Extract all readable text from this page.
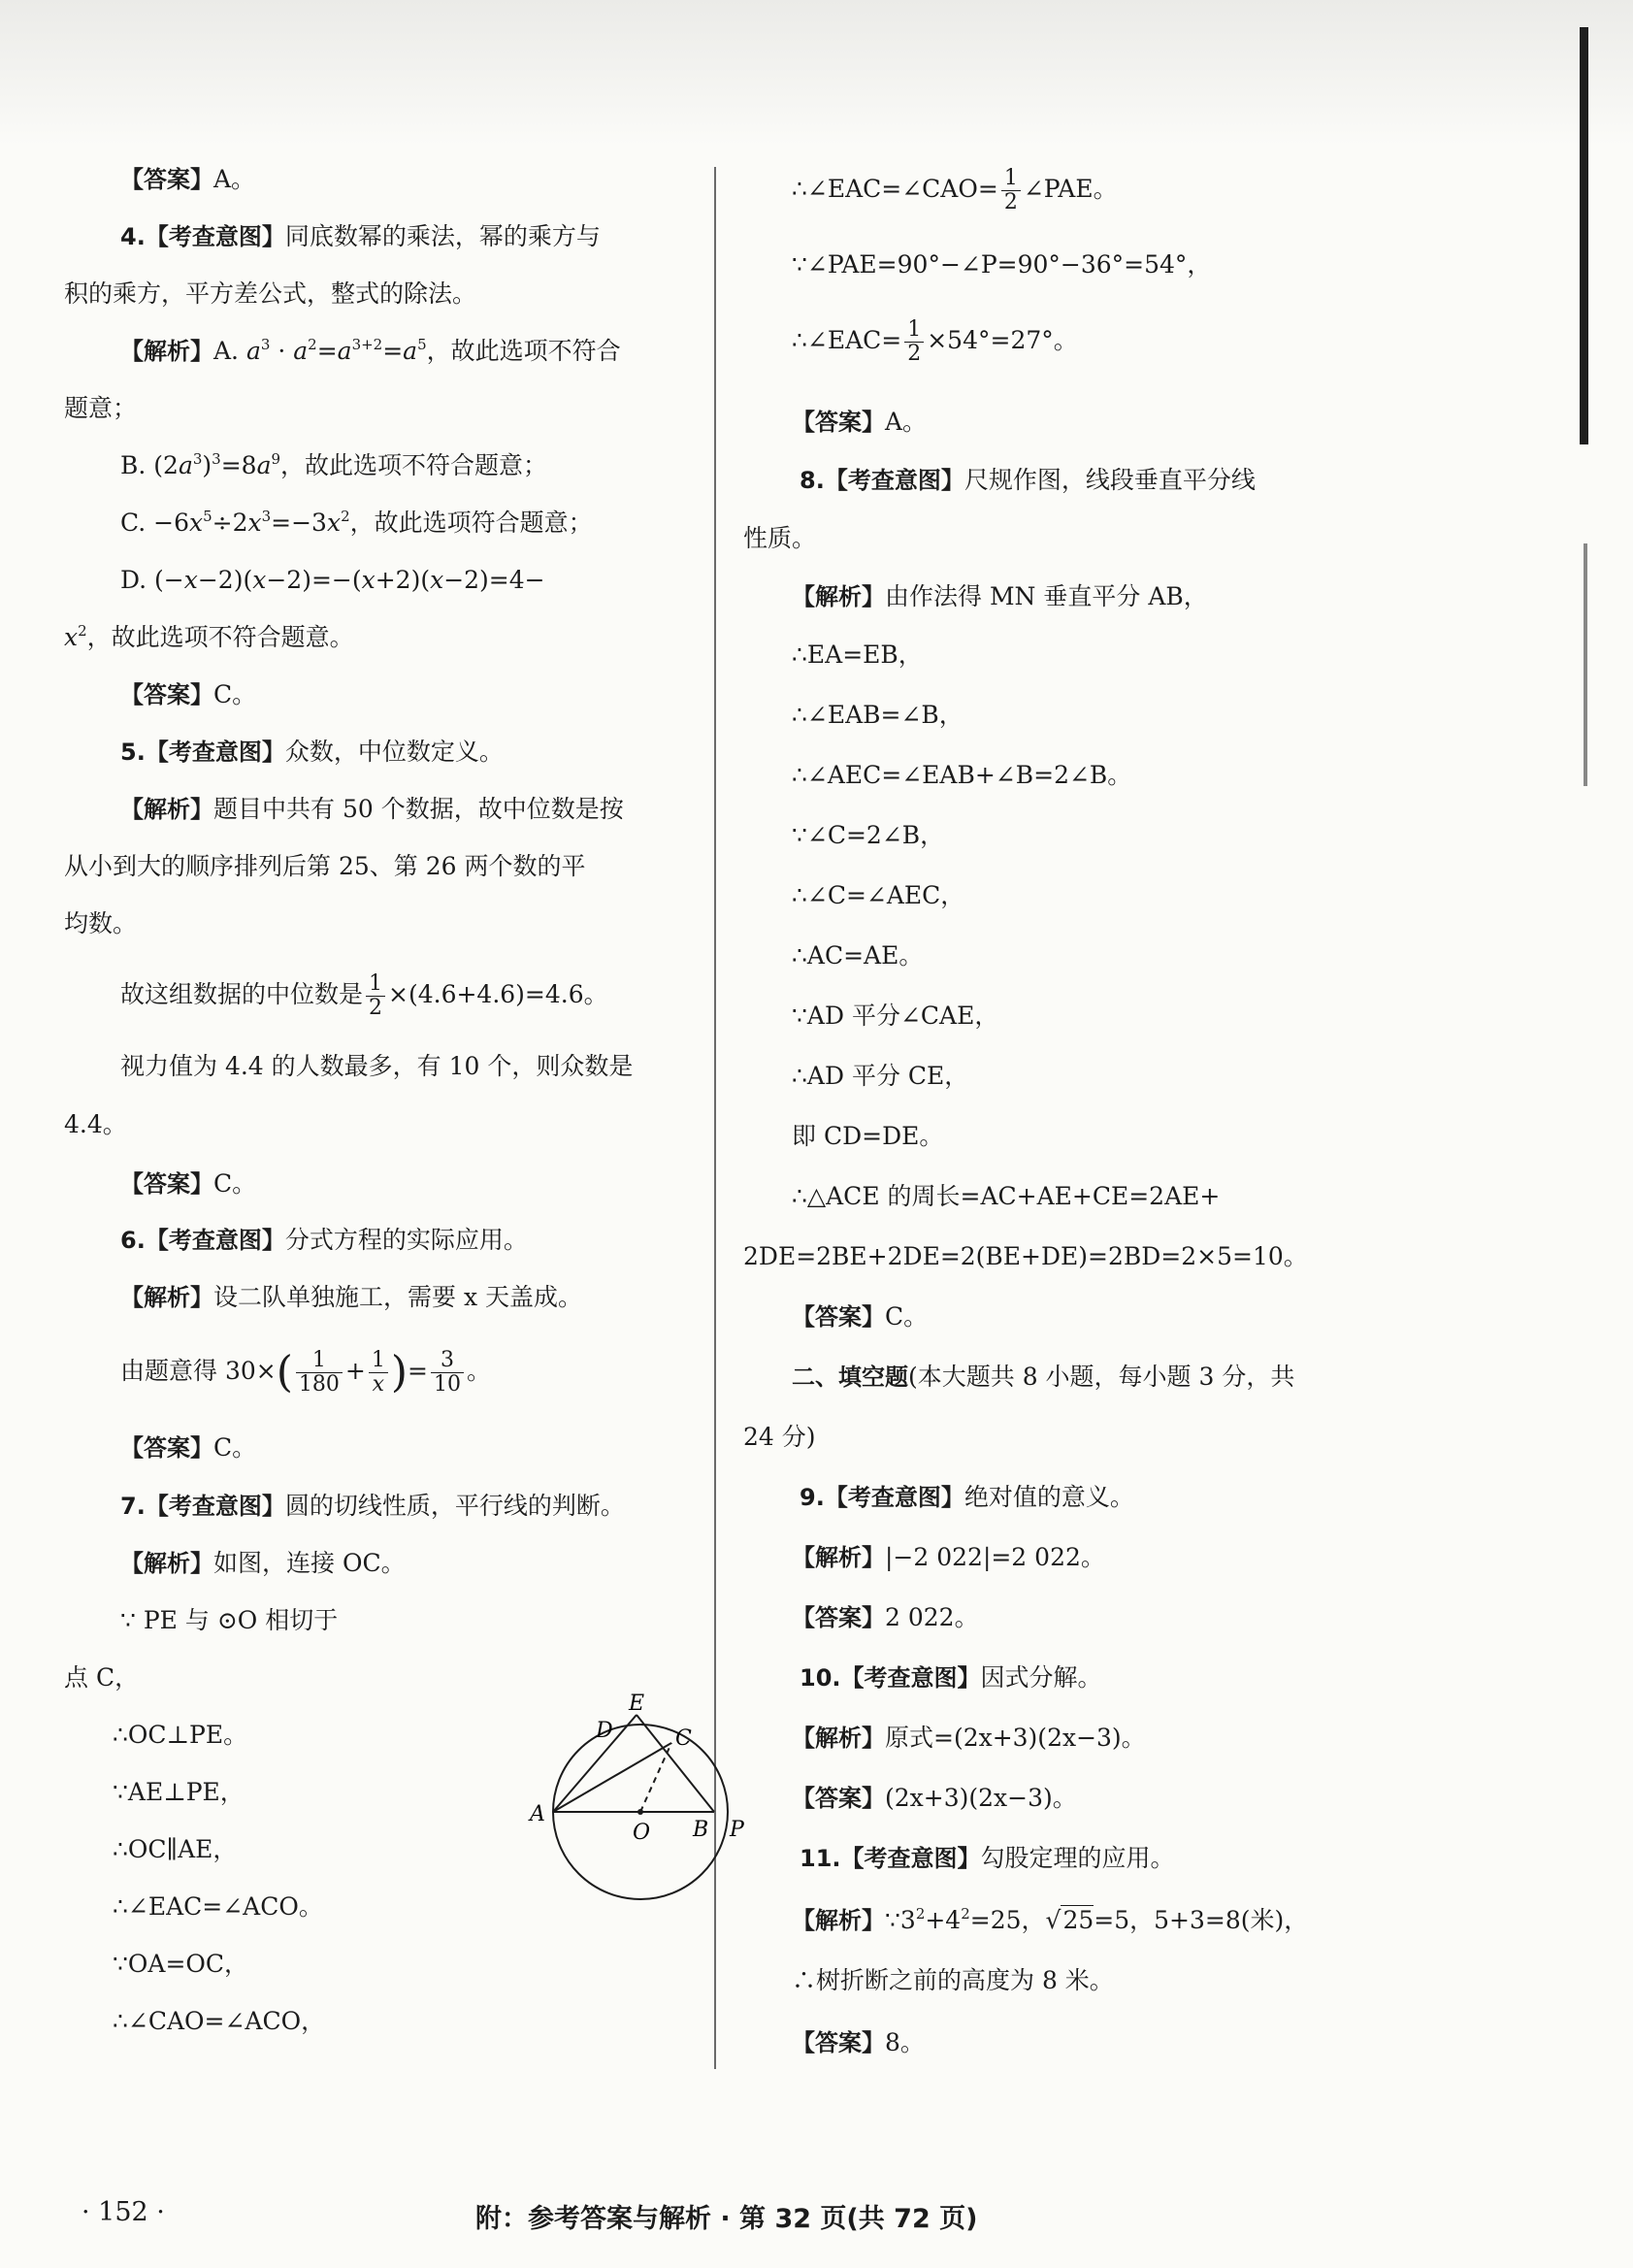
【答案】A。
4.【考查意图】同底数幂的乘法，幂的乘方与
积的乘方，平方差公式，整式的除法。
【解析】A. $a^3 \cdot a^2=a^{3+2}=a^5$，故此选项不符合
题意；
B. $(2a^3)^3=8a^9$，故此选项不符合题意；
C. $-6x^5\div 2x^3=-3x^2$，故此选项符合题意；
D. (−x−2)(x−2)=−(x+2)(x−2)=4−
$x^2$，故此选项不符合题意。
【答案】C。
5.【考查意图】众数，中位数定义。
【解析】题目中共有 50 个数据，故中位数是按
从小到大的顺序排列后第 25、第 26 两个数的平
均数。
故这组数据的中位数是 $\frac{1}{2} \times(4.6+4.6)=4.6$。
视力值为 4.4 的人数最多，有 10 个，则众数是
4.4。
【答案】C。
6.【考查意图】分式方程的实际应用。
【解析】设二队单独施工，需要 x 天盖成。
由题意得 $30\times( \frac{1}{180} + \frac{1}{x}$ )= $\frac{3}{10}$ 。
【答案】C。
7.【考查意图】圆的切线性质，平行线的判断。
【解析】如图，连接 OC。
∵ PE 与 ⊙O 相切于
点 C，
∴OC⊥PE。
∵AE⊥PE，
∴OC∥AE，
∴∠EAC=∠ACO。
∵OA=OC，
∴∠CAO=∠ACO，
E
D	C
A
O B P
∴∠EAC=∠CAO= $\frac{1}{2}$ ∠PAE。
∵∠PAE=90°−∠P=90°−36°=54°，
∴∠EAC= $\frac{1}{2} \times 54^\circ=27^\circ$。
【答案】A。
8.【考查意图】尺规作图，线段垂直平分线
性质。
【解析】由作法得 MN 垂直平分 AB，
∴EA=EB，
∴∠EAB=∠B，
∴∠AEC=∠EAB+∠B=2∠B。
∵∠C=2∠B，
∴∠C=∠AEC，
∴AC=AE。
∵AD 平分∠CAE，
∴AD 平分 CE，
即 CD=DE。
∴△ACE 的周长=AC+AE+CE=2AE+
2DE=2BE+2DE=2(BE+DE)=2BD=2×5=10。
【答案】C。
二、填空题(本大题共 8 小题，每小题 3 分，共
24 分)
9.【考查意图】绝对值的意义。
【解析】|−2 022|=2 022。
【答案】2 022。
10.【考查意图】因式分解。
【解析】原式=(2x+3)(2x−3)。
【答案】(2x+3)(2x−3)。
11.【考查意图】勾股定理的应用。
【解析】$\because 3^2+4^2=25$，√25=5，5+3=8(米)，
∴树折断之前的高度为 8 米。
【答案】8。
· 152 ·	附：参考答案与解析 · 第 32 页(共 72 页)
